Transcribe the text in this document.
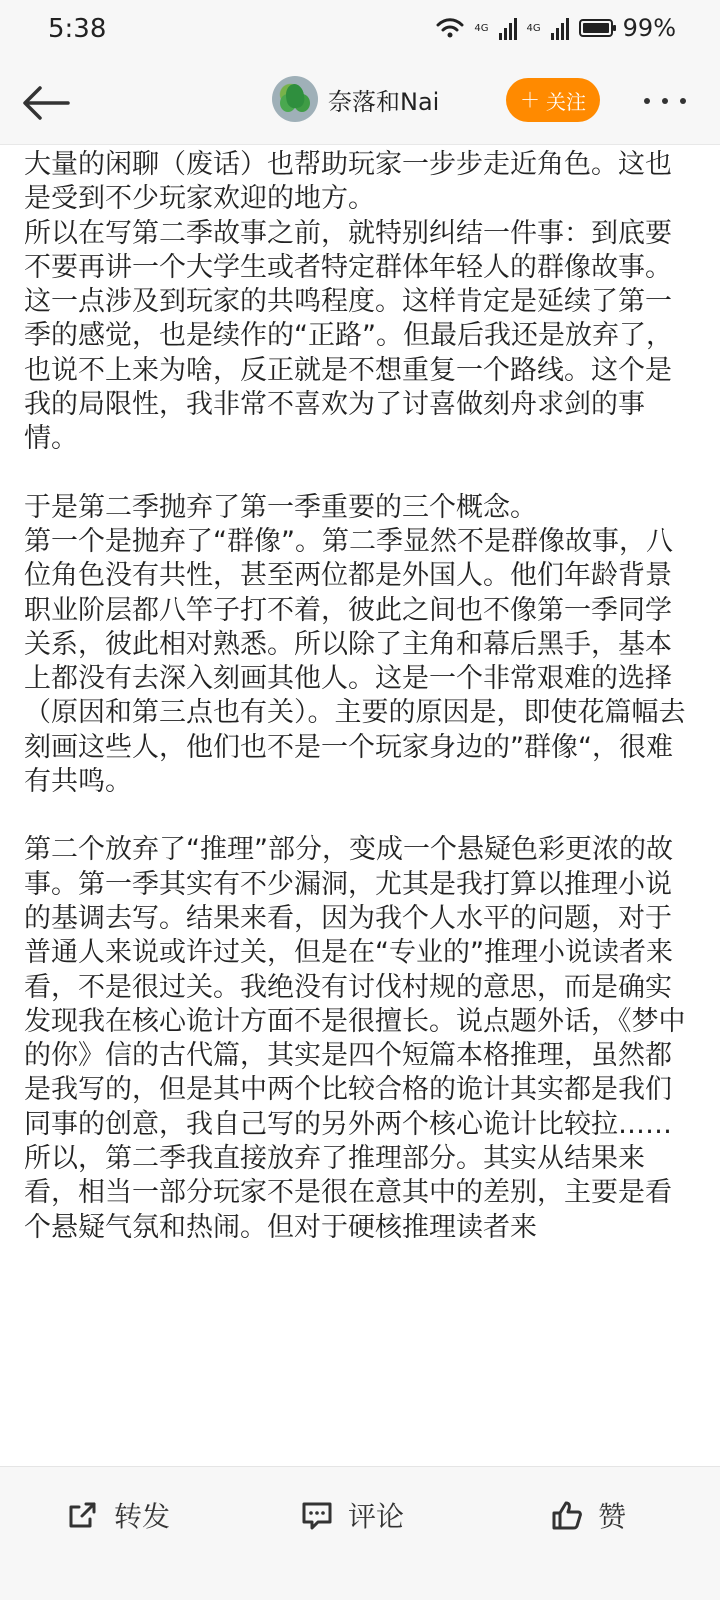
5:38	4G	4G	99%
奈落和Nai	＋ 关注

大量的闲聊（废话）也帮助玩家一步步走近角色。这也是受到不少玩家欢迎的地方。

所以在写第二季故事之前，就特别纠结一件事：到底要不要再讲一个大学生或者特定群体年轻人的群像故事。这一点涉及到玩家的共鸣程度。这样肯定是延续了第一季的感觉，也是续作的“正路”。但最后我还是放弃了，也说不上来为啥，反正就是不想重复一个路线。这个是我的局限性，我非常不喜欢为了讨喜做刻舟求剑的事情。

于是第二季抛弃了第一季重要的三个概念。

第一个是抛弃了“群像”。第二季显然不是群像故事，八位角色没有共性，甚至两位都是外国人。他们年龄背景职业阶层都八竿子打不着，彼此之间也不像第一季同学关系，彼此相对熟悉。所以除了主角和幕后黑手，基本上都没有去深入刻画其他人。这是一个非常艰难的选择（原因和第三点也有关）。主要的原因是，即使花篇幅去刻画这些人，他们也不是一个玩家身边的”群像“，很难有共鸣。

第二个放弃了“推理”部分，变成一个悬疑色彩更浓的故事。第一季其实有不少漏洞，尤其是我打算以推理小说的基调去写。结果来看，因为我个人水平的问题，对于普通人来说或许过关，但是在“专业的”推理小说读者来看，不是很过关。我绝没有讨伐村规的意思，而是确实发现我在核心诡计方面不是很擅长。说点题外话，《梦中的你》信的古代篇，其实是四个短篇本格推理，虽然都是我写的，但是其中两个比较合格的诡计其实都是我们同事的创意，我自己写的另外两个核心诡计比较拉……所以，第二季我直接放弃了推理部分。其实从结果来看，相当一部分玩家不是很在意其中的差别，主要是看个悬疑气氛和热闹。但对于硬核推理读者来

转发	评论	赞
